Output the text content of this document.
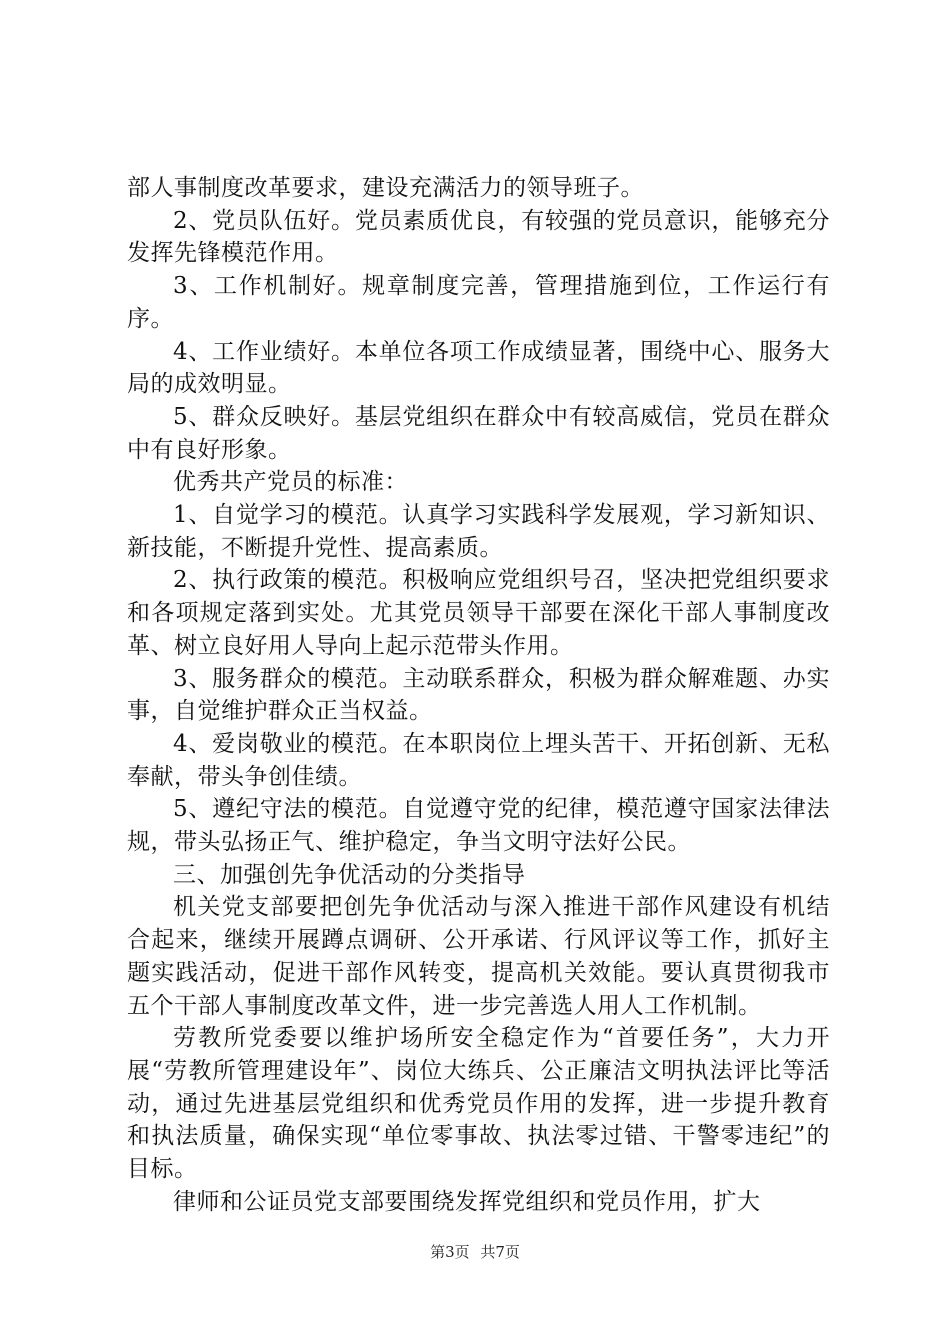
部人事制度改革要求，建设充满活力的领导班子。

2、党员队伍好。党员素质优良，有较强的党员意识，能够充分发挥先锋模范作用。

3、工作机制好。规章制度完善，管理措施到位，工作运行有序。

4、工作业绩好。本单位各项工作成绩显著，围绕中心、服务大局的成效明显。

5、群众反映好。基层党组织在群众中有较高威信，党员在群众中有良好形象。

优秀共产党员的标准：

1、自觉学习的模范。认真学习实践科学发展观，学习新知识、新技能，不断提升党性、提高素质。

2、执行政策的模范。积极响应党组织号召，坚决把党组织要求和各项规定落到实处。尤其党员领导干部要在深化干部人事制度改革、树立良好用人导向上起示范带头作用。

3、服务群众的模范。主动联系群众，积极为群众解难题、办实事，自觉维护群众正当权益。

4、爱岗敬业的模范。在本职岗位上埋头苦干、开拓创新、无私奉献，带头争创佳绩。

5、遵纪守法的模范。自觉遵守党的纪律，模范遵守国家法律法规，带头弘扬正气、维护稳定，争当文明守法好公民。

三、加强创先争优活动的分类指导

机关党支部要把创先争优活动与深入推进干部作风建设有机结合起来，继续开展蹲点调研、公开承诺、行风评议等工作，抓好主题实践活动，促进干部作风转变，提高机关效能。要认真贯彻我市五个干部人事制度改革文件，进一步完善选人用人工作机制。

劳教所党委要以维护场所安全稳定作为“首要任务”，大力开展“劳教所管理建设年”、岗位大练兵、公正廉洁文明执法评比等活动，通过先进基层党组织和优秀党员作用的发挥，进一步提升教育和执法质量，确保实现“单位零事故、执法零过错、干警零违纪”的目标。

律师和公证员党支部要围绕发挥党组织和党员作用，扩大

第3页 共7页
